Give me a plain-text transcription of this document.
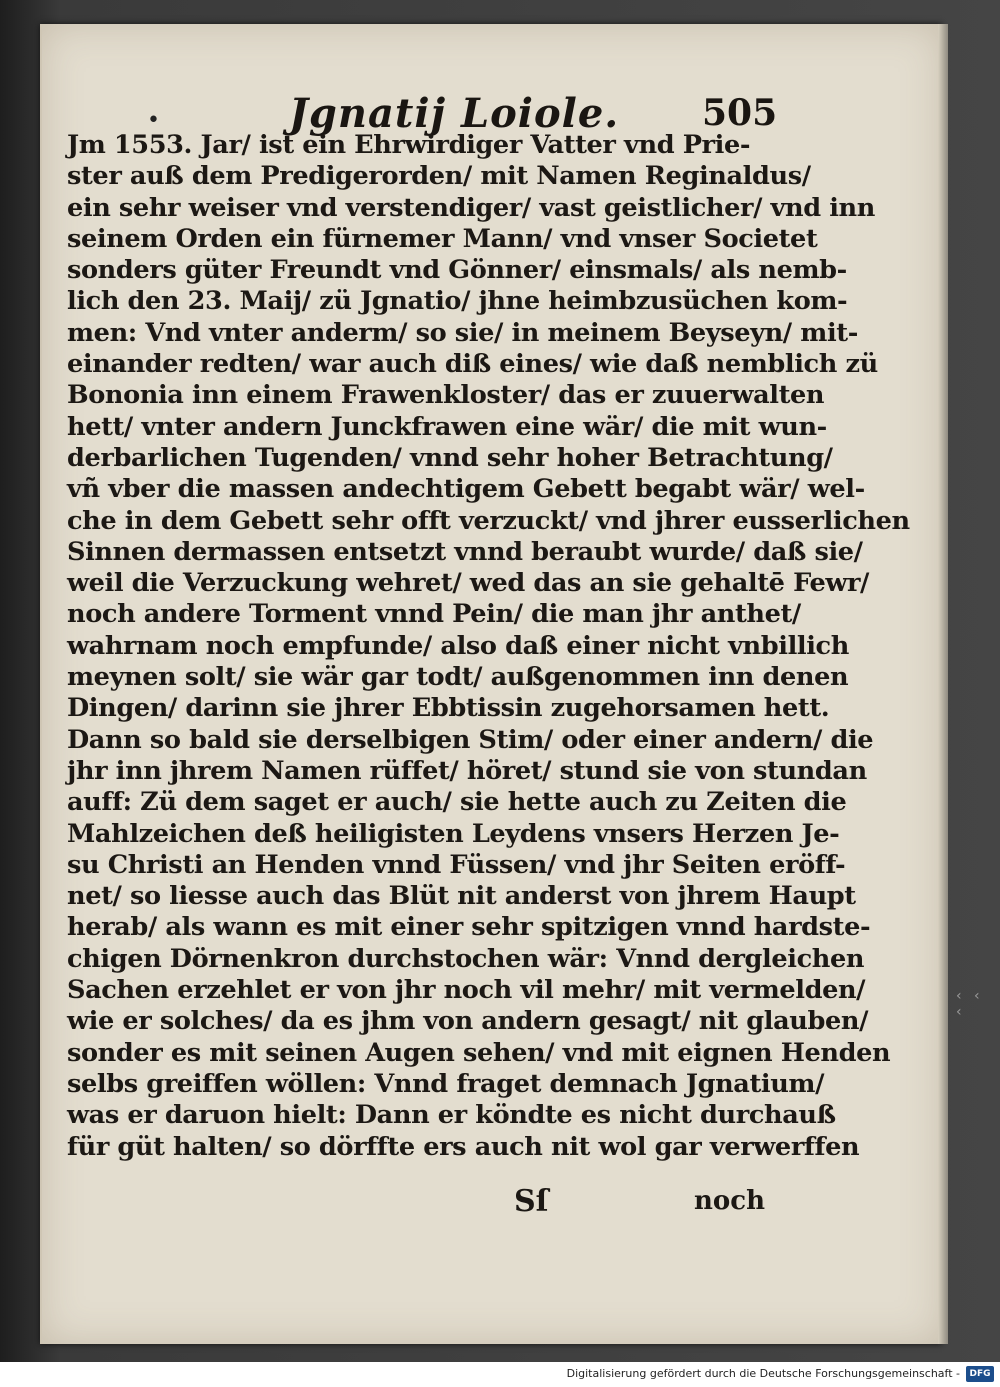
•	Jgnatij Loiole. 505
Jm 1553. Jar/ ist ein Ehrwirdiger Vatter vnd Prie-
ster auß dem Predigerorden/ mit Namen Reginaldus/
ein sehr weiser vnd verstendiger/ vast geistlicher/ vnd inn
seinem Orden ein fürnemer Mann/ vnd vnser Societet
sonders güter Freundt vnd Gönner/ einsmals/ als nemb-
lich den 23. Maij/ zü Jgnatio/ jhne heimbzusüchen kom-
men: Vnd vnter anderm/ so sie/ in meinem Beyseyn/ mit-
einander redten/ war auch diß eines/ wie daß nemblich zü
Bononia inn einem Frawenkloster/ das er zuuerwalten
hett/ vnter andern Junckfrawen eine wär/ die mit wun-
derbarlichen Tugenden/ vnnd sehr hoher Betrachtung/
vñ vber die massen andechtigem Gebett begabt wär/ wel-
che in dem Gebett sehr offt verzuckt/ vnd jhrer eusserlichen
Sinnen dermassen entsetzt vnnd beraubt wurde/ daß sie/
weil die Verzuckung wehret/ wed das an sie gehaltē Fewr/
noch andere Torment vnnd Pein/ die man jhr anthet/
wahrnam noch empfunde/ also daß einer nicht vnbillich
meynen solt/ sie wär gar todt/ außgenommen inn denen
Dingen/ darinn sie jhrer Ebbtissin zugehorsamen hett.
Dann so bald sie derselbigen Stim/ oder einer andern/ die
jhr inn jhrem Namen rüffet/ höret/ stund sie von stundan
auff: Zü dem saget er auch/ sie hette auch zu Zeiten die
Mahlzeichen deß heiligisten Leydens vnsers Herzen Je-
su Christi an Henden vnnd Füssen/ vnd jhr Seiten eröff-
net/ so liesse auch das Blüt nit anderst von jhrem Haupt
herab/ als wann es mit einer sehr spitzigen vnnd hardste-
chigen Dörnenkron durchstochen wär: Vnnd dergleichen
Sachen erzehlet er von jhr noch vil mehr/ mit vermelden/
wie er solches/ da es jhm von andern gesagt/ nit glauben/
sonder es mit seinen Augen sehen/ vnd mit eignen Henden
selbs greiffen wöllen: Vnnd fraget demnach Jgnatium/
was er daruon hielt: Dann er köndte es nicht durchauß
für güt halten/ so dörffte ers auch nit wol gar verwerffen
Sſ	noch
‹ ‹ ‹
Digitalisierung gefördert durch die Deutsche Forschungsgemeinschaft -	DFG
